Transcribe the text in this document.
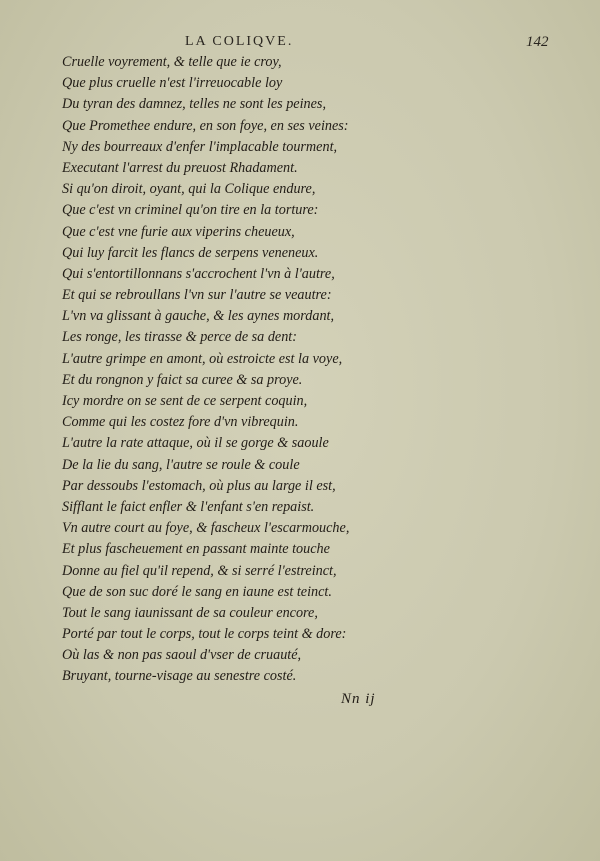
LA COLIQVE.	142
Cruelle voyrement, & telle que ie croy,
Que plus cruelle n'est l'irreuocable loy
Du tyran des damnez, telles ne sont les peines,
Que Promethee endure, en son foye, en ses veines:
Ny des bourreaux d'enfer l'implacable tourment,
Executant l'arrest du preuost Rhadament.
Si qu'on diroit, oyant, qui la Colique endure,
Que c'est vn criminel qu'on tire en la torture:
Que c'est vne furie aux viperins cheueux,
Qui luy farcit les flancs de serpens veneneux.
Qui s'entortillonnans s'accrochent l'vn à l'autre,
Et qui se rebroullans l'vn sur l'autre se veautre:
L'vn va glissant à gauche, & les aynes mordant,
Les ronge, les tirasse & perce de sa dent:
L'autre grimpe en amont, où estroicte est la voye,
Et du rongnon y faict sa curee & sa proye.
Icy mordre on se sent de ce serpent coquin,
Comme qui les costez fore d'vn vibrequin.
L'autre la rate attaque, où il se gorge & saoule
De la lie du sang, l'autre se roule & coule
Par dessoubs l'estomach, où plus au large il est,
Sifflant le faict enfler & l'enfant s'en repaist.
Vn autre court au foye, & fascheux l'escarmouche,
Et plus fascheuement en passant mainte touche
Donne au fiel qu'il repend, & si serré l'estreinct,
Que de son suc doré le sang en iaune est teinct.
Tout le sang iaunissant de sa couleur encore,
Porté par tout le corps, tout le corps teint & dore:
Où las & non pas saoul d'vser de cruauté,
Bruyant, tourne-visage au senestre costé.
Nn ij
